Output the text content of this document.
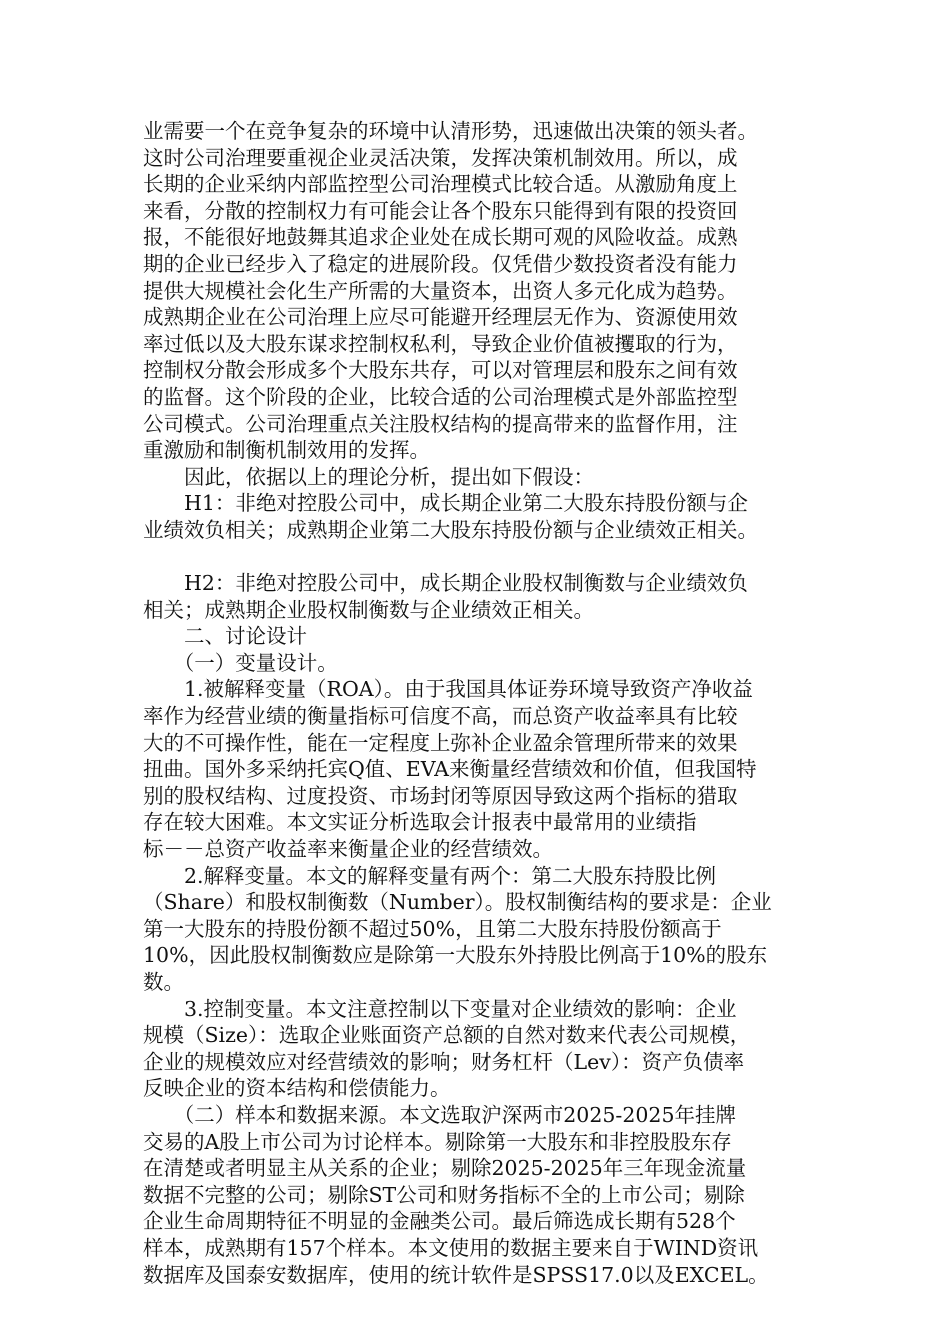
业需要一个在竞争复杂的环境中认清形势，迅速做出决策的领头者。
这时公司治理要重视企业灵活决策，发挥决策机制效用。所以，成
长期的企业采纳内部监控型公司治理模式比较合适。从激励角度上
来看，分散的控制权力有可能会让各个股东只能得到有限的投资回
报，不能很好地鼓舞其追求企业处在成长期可观的风险收益。成熟
期的企业已经步入了稳定的进展阶段。仅凭借少数投资者没有能力
提供大规模社会化生产所需的大量资本，出资人多元化成为趋势。
成熟期企业在公司治理上应尽可能避开经理层无作为、资源使用效
率过低以及大股东谋求控制权私利，导致企业价值被攫取的行为，
控制权分散会形成多个大股东共存，可以对管理层和股东之间有效
的监督。这个阶段的企业，比较合适的公司治理模式是外部监控型
公司模式。公司治理重点关注股权结构的提高带来的监督作用，注
重激励和制衡机制效用的发挥。
　　因此，依据以上的理论分析，提出如下假设：
　　H1：非绝对控股公司中，成长期企业第二大股东持股份额与企
业绩效负相关；成熟期企业第二大股东持股份额与企业绩效正相关。
　　H2：非绝对控股公司中，成长期企业股权制衡数与企业绩效负
相关；成熟期企业股权制衡数与企业绩效正相关。
　　二、讨论设计
　　（一）变量设计。
　　1.被解释变量（ROA）。由于我国具体证券环境导致资产净收益
率作为经营业绩的衡量指标可信度不高，而总资产收益率具有比较
大的不可操作性，能在一定程度上弥补企业盈余管理所带来的效果
扭曲。国外多采纳托宾Q值、EVA来衡量经营绩效和价值，但我国特
别的股权结构、过度投资、市场封闭等原因导致这两个指标的猎取
存在较大困难。本文实证分析选取会计报表中最常用的业绩指
标－－总资产收益率来衡量企业的经营绩效。
　　2.解释变量。本文的解释变量有两个：第二大股东持股比例
（Share）和股权制衡数（Number）。股权制衡结构的要求是：企业
第一大股东的持股份额不超过50%，且第二大股东持股份额高于
10%，因此股权制衡数应是除第一大股东外持股比例高于10%的股东
数。
　　3.控制变量。本文注意控制以下变量对企业绩效的影响：企业
规模（Size）：选取企业账面资产总额的自然对数来代表公司规模，
企业的规模效应对经营绩效的影响；财务杠杆（Lev）：资产负债率
反映企业的资本结构和偿债能力。
　　（二）样本和数据来源。本文选取沪深两市2025-2025年挂牌
交易的A股上市公司为讨论样本。剔除第一大股东和非控股股东存
在清楚或者明显主从关系的企业；剔除2025-2025年三年现金流量
数据不完整的公司；剔除ST公司和财务指标不全的上市公司；剔除
企业生命周期特征不明显的金融类公司。最后筛选成长期有528个
样本，成熟期有157个样本。本文使用的数据主要来自于WIND资讯
数据库及国泰安数据库，使用的统计软件是SPSS17.0以及EXCEL。
